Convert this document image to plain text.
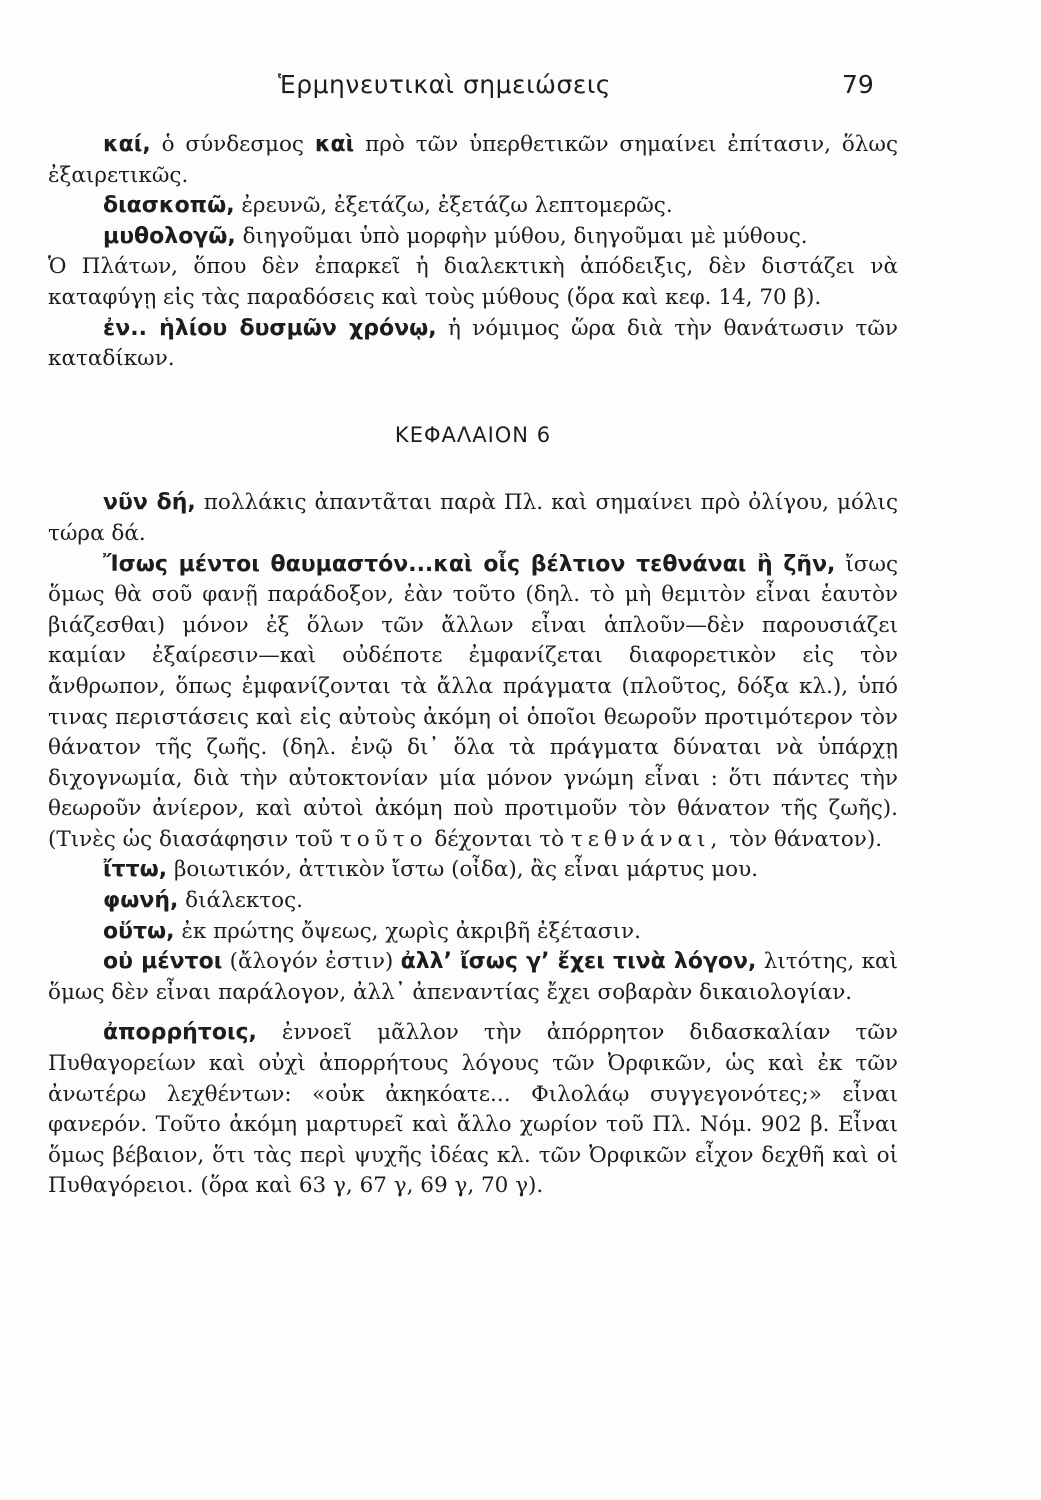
Ἑρμηνευτικαὶ σημειώσεις	79

καί, ὁ σύνδεσμος καὶ πρὸ τῶν ὑπερθετικῶν σημαίνει ἐπίτασιν, ὅλως ἐξαιρετικῶς.

διασκοπῶ, ἐρευνῶ, ἐξετάζω, ἐξετάζω λεπτομερῶς.

μυθολογῶ, διηγοῦμαι ὑπὸ μορφὴν μύθου, διηγοῦμαι μὲ μύθους.

Ὁ Πλάτων, ὅπου δὲν ἐπαρκεῖ ἡ διαλεκτικὴ ἀπόδειξις, δὲν διστάζει νὰ καταφύγῃ εἰς τὰς παραδόσεις καὶ τοὺς μύθους (ὅρα καὶ κεφ. 14, 70 β).

ἐν.. ἡλίου δυσμῶν χρόνῳ, ἡ νόμιμος ὥρα διὰ τὴν θανάτωσιν τῶν καταδίκων.

ΚΕΦΑΛΑΙΟΝ 6

νῦν δή, πολλάκις ἀπαντᾶται παρὰ Πλ. καὶ σημαίνει πρὸ ὀλίγου, μόλις τώρα δά.

Ἴσως μέντοι θαυμαστόν...καὶ οἷς βέλτιον τεθνάναι ἢ ζῆν, ἴσως ὅμως θὰ σοῦ φανῇ παράδοξον, ἐὰν τοῦτο (δηλ. τὸ μὴ θεμιτὸν εἶναι ἑαυτὸν βιάζεσθαι) μόνον ἐξ ὅλων τῶν ἄλλων εἶναι ἁπλοῦν—δὲν παρουσιάζει καμίαν ἐξαίρεσιν—καὶ οὐδέποτε ἐμφανίζεται διαφορετικὸν εἰς τὸν ἄνθρωπον, ὅπως ἐμφανίζονται τὰ ἄλλα πράγματα (πλοῦτος, δόξα κλ.), ὑπό τινας περιστάσεις καὶ εἰς αὐτοὺς ἀκόμη οἱ ὁποῖοι θεωροῦν προτιμότερον τὸν θάνατον τῆς ζωῆς. (δηλ. ἐνῷ δι᾽ ὅλα τὰ πράγματα δύναται νὰ ὑπάρχῃ διχογνωμία, διὰ τὴν αὐτοκτονίαν μία μόνον γνώμη εἶναι : ὅτι πάντες τὴν θεωροῦν ἀνίερον, καὶ αὐτοὶ ἀκόμη ποὺ προτιμοῦν τὸν θάνατον τῆς ζωῆς). (Τινὲς ὡς διασάφησιν τοῦ τοῦτο δέχονται τὸ τεθνάναι, τὸν θάνατον).

ἴττω, βοιωτικόν, ἀττικὸν ἴστω (οἶδα), ἂς εἶναι μάρτυς μου.

φωνή, διάλεκτος.

οὕτω, ἐκ πρώτης ὄψεως, χωρὶς ἀκριβῆ ἐξέτασιν.

οὐ μέντοι (ἄλογόν ἐστιν) ἀλλ’ ἴσως γ’ ἔχει τινὰ λόγον, λιτότης, καὶ ὅμως δὲν εἶναι παράλογον, ἀλλ᾽ ἀπεναντίας ἔχει σοβαρὰν δικαιολογίαν.

ἀπορρήτοις, ἐννοεῖ μᾶλλον τὴν ἀπόρρητον διδασκαλίαν τῶν Πυθαγορείων καὶ οὐχὶ ἀπορρήτους λόγους τῶν Ὀρφικῶν, ὡς καὶ ἐκ τῶν ἀνωτέρω λεχθέντων: «οὐκ ἀκηκόατε... Φιλολάῳ συγγεγονότες;» εἶναι φανερόν. Τοῦτο ἀκόμη μαρτυρεῖ καὶ ἄλλο χωρίον τοῦ Πλ. Νόμ. 902 β. Εἶναι ὅμως βέβαιον, ὅτι τὰς περὶ ψυχῆς ἰδέας κλ. τῶν Ὀρφικῶν εἶχον δεχθῆ καὶ οἱ Πυθαγόρειοι. (ὅρα καὶ 63 γ, 67 γ, 69 γ, 70 γ).
